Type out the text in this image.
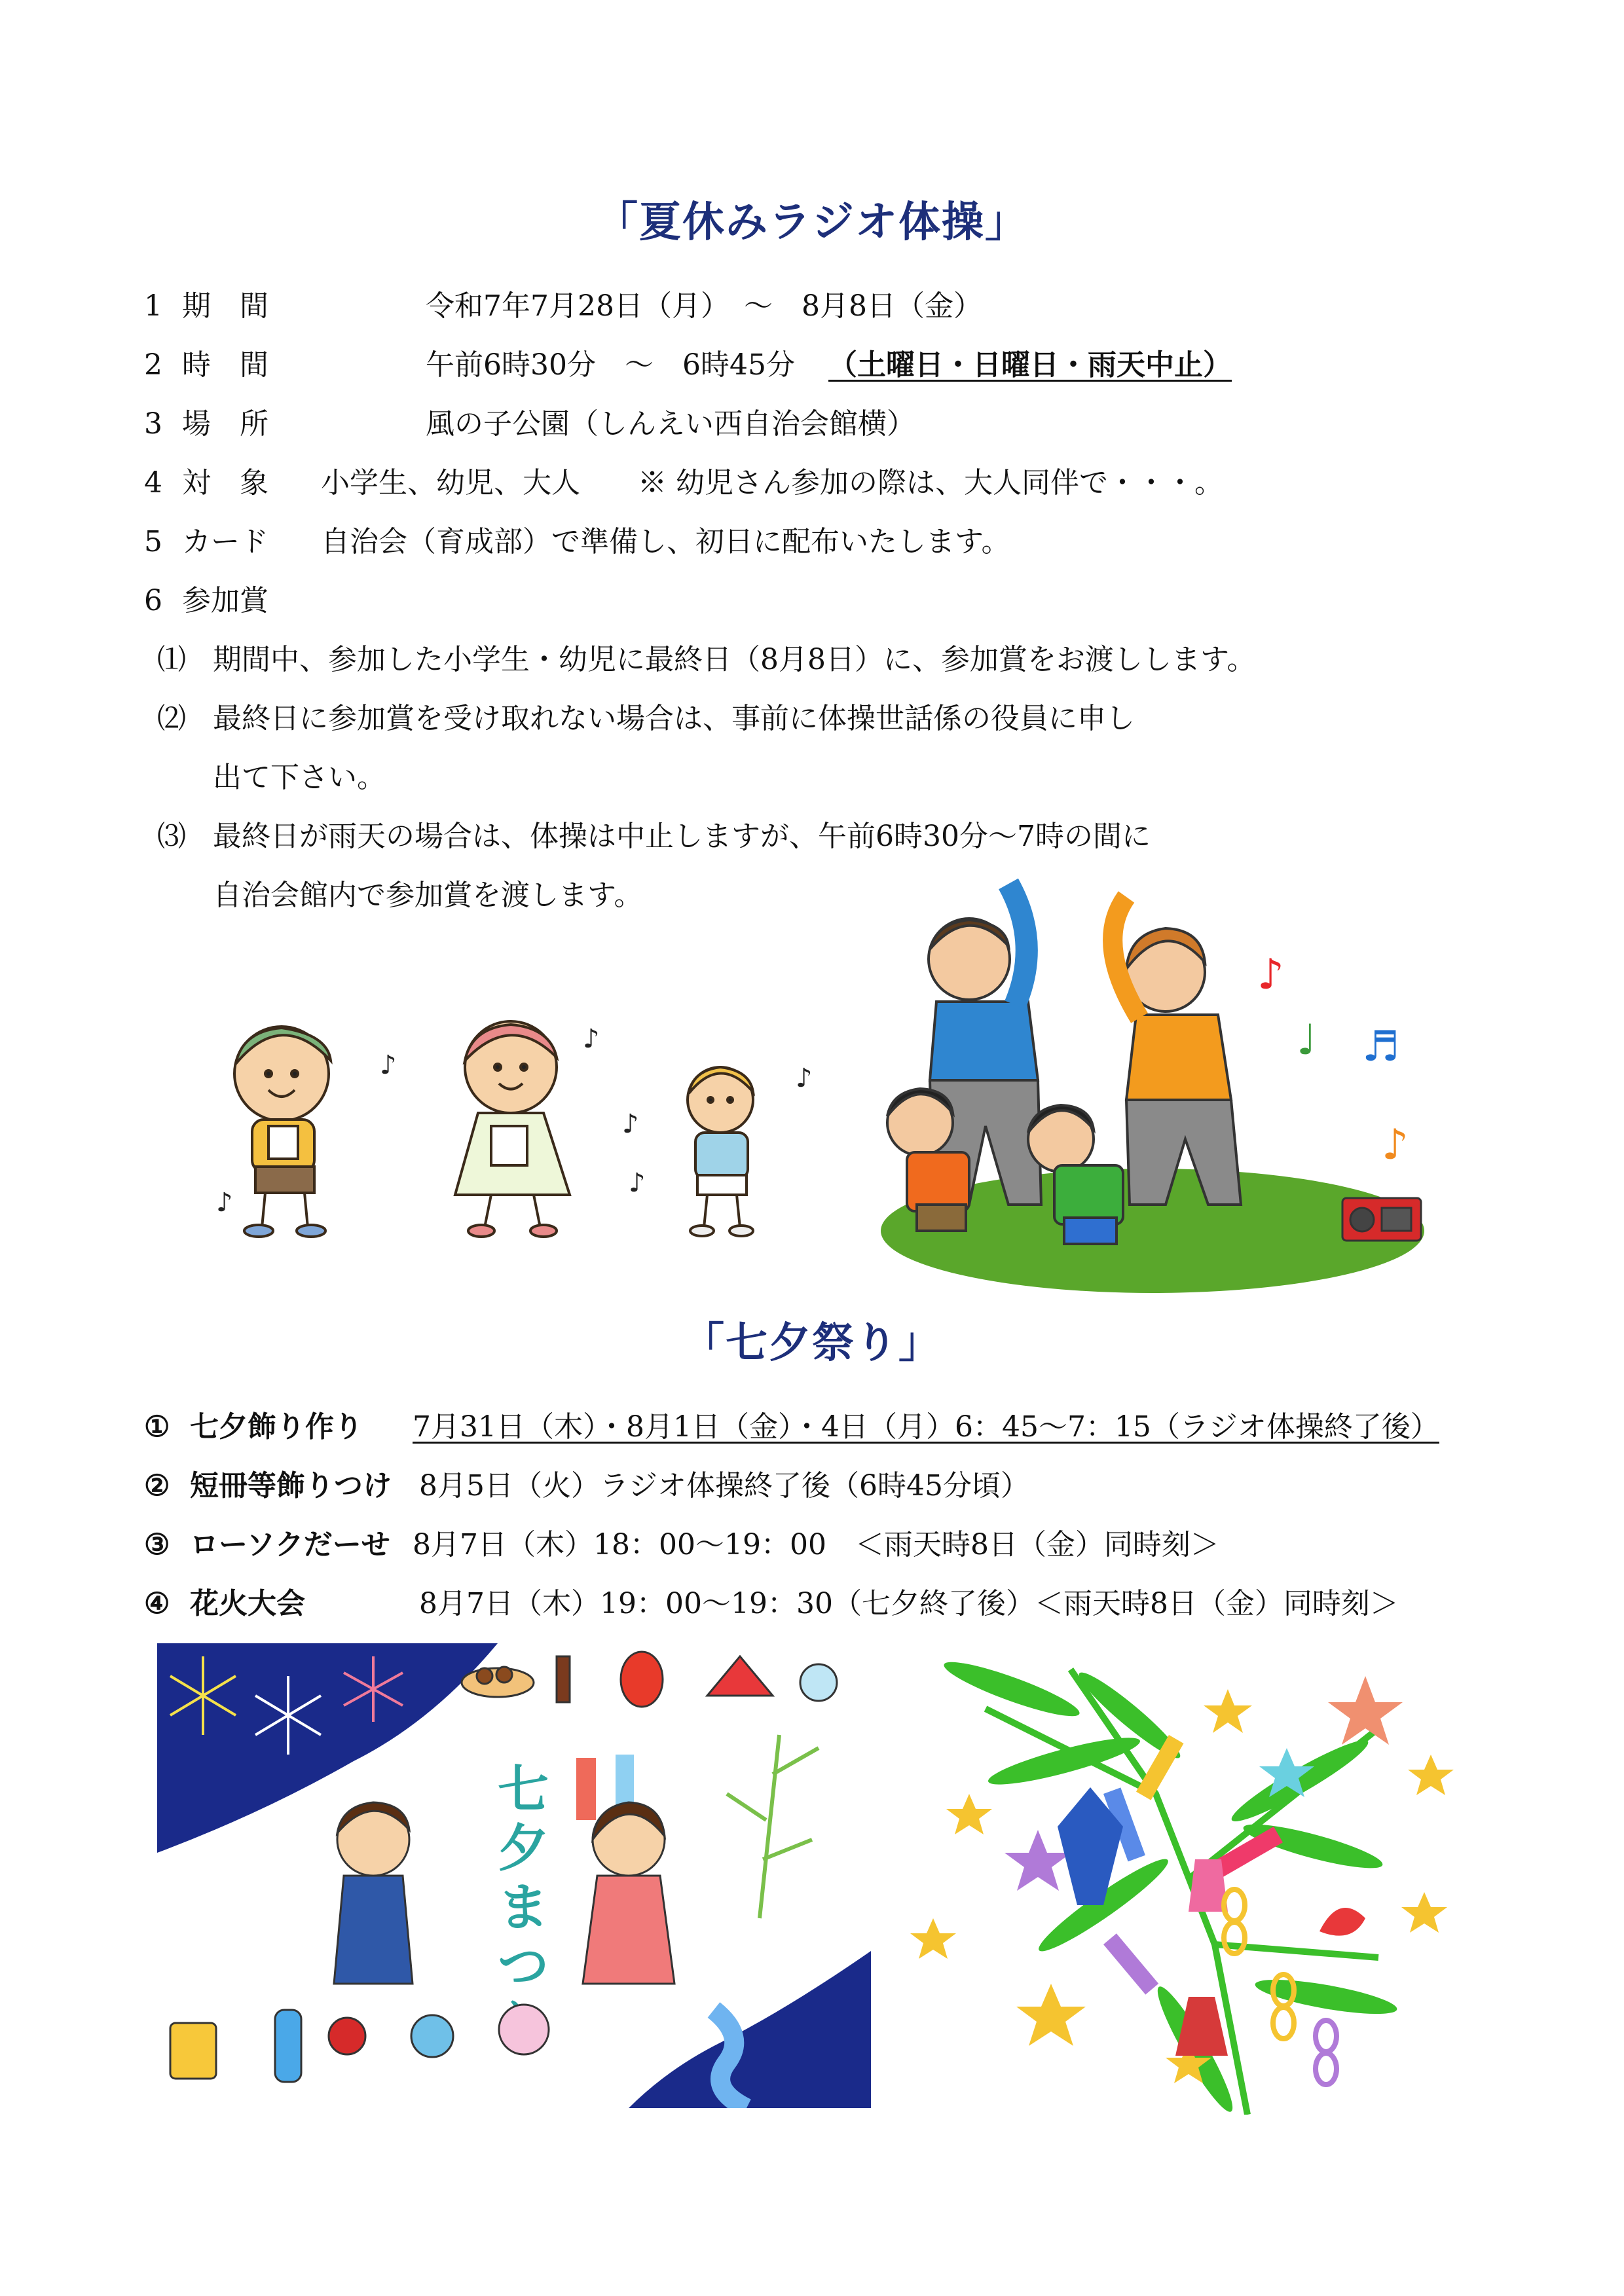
「夏休みラジオ体操」
1 期　間	令和7年7月28日（月）　～　8月8日（金）
2 時　間	午前6時30分　～　6時45分 （土曜日・日曜日・雨天中止）
3 場　所	風の子公園（しんえい西自治会館横）
4 対　象 小学生、幼児、大人　　※ 幼児さん参加の際は、大人同伴で・・・。
5 カード 自治会（育成部）で準備し、初日に配布いたします。
6 参加賞
⑴ 期間中、参加した小学生・幼児に最終日（8月8日）に、参加賞をお渡しします。
⑵ 最終日に参加賞を受け取れない場合は、事前に体操世話係の役員に申し
出て下さい。
⑶ 最終日が雨天の場合は、体操は中止しますが、午前6時30分～7時の間に
自治会館内で参加賞を渡します。
♪
♪
♪
♪
♪
♪
♪
♩ ♬
♪
「七夕祭り」
① 七夕飾り作り 7月31日（木）・8月1日（金）・4日（月）6：45～7：15（ラジオ体操終了後）
② 短冊等飾りつけ 8月5日（火）ラジオ体操終了後（6時45分頃）
③ ローソクだーせ 8月7日（木）18：00～19：00　＜雨天時8日（金）同時刻＞
④ 花火大会	8月7日（木）19：00～19：30（七夕終了後）＜雨天時8日（金）同時刻＞
七
夕
ま
つ
